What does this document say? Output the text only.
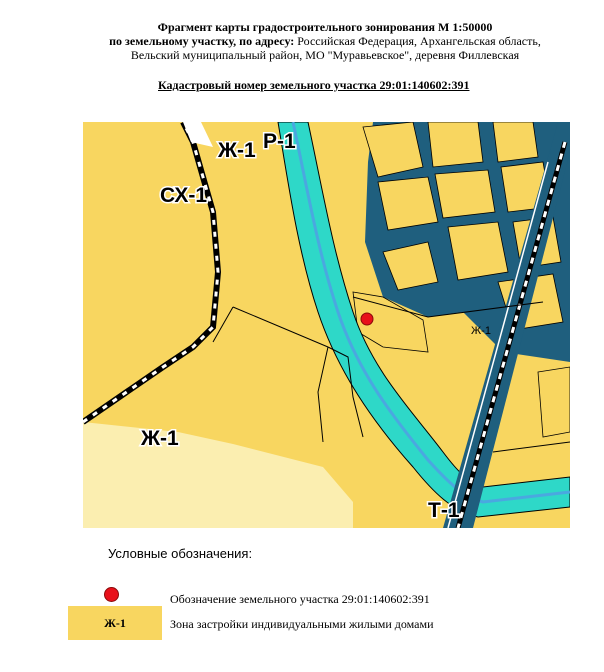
Фрагмент карты градостроительного зонирования М 1:50000
по земельному участку, по адресу: Российская Федерация, Архангельская область,
Вельский муниципальный район, МО "Муравьевское", деревня Филлевская
Кадастровый номер земельного участка 29:01:140602:391
Ж-1 Р-1
СХ-1
Ж-1
Т-1
Ж-1
Условные обозначения:
Обозначение земельного участка 29:01:140602:391
Ж-1	Зона застройки индивидуальными жилыми домами
